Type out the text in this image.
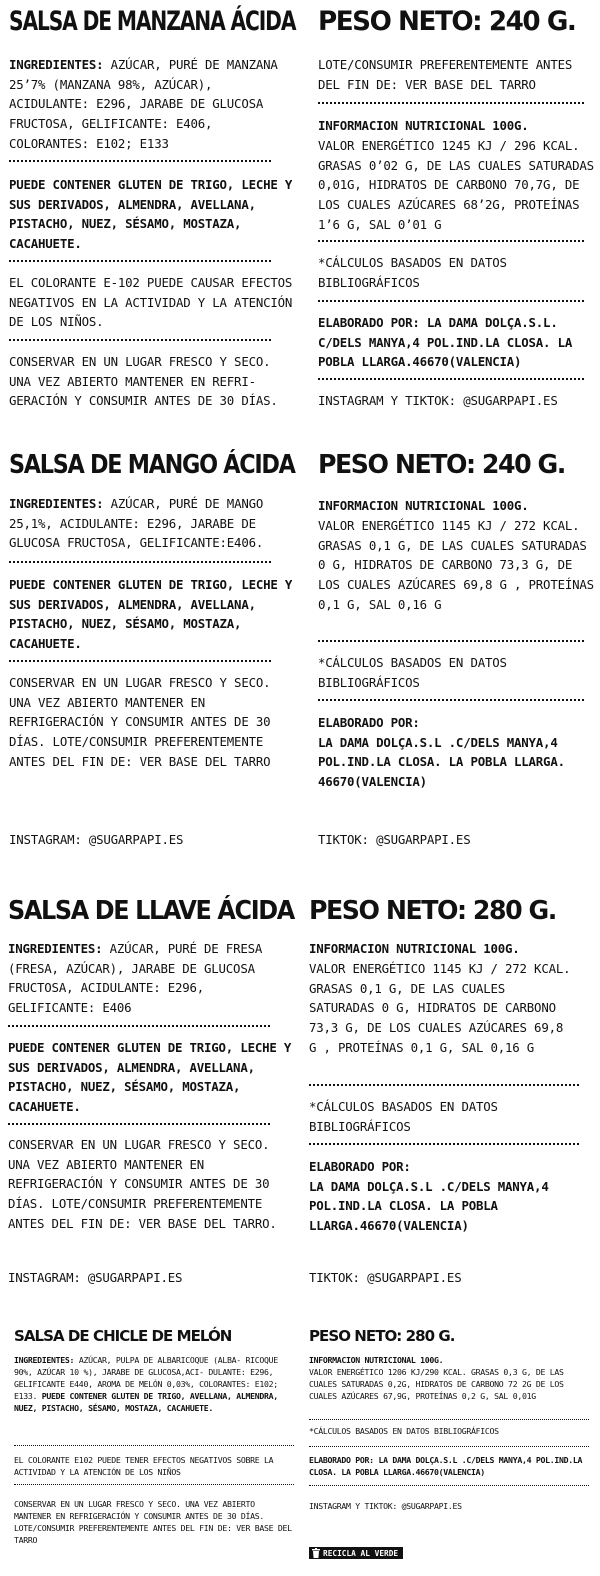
SALSA DE MANZANA ÁCIDA

INGREDIENTES: AZÚCAR, PURÉ DE MANZANA 25’7% (MANZANA 98%, AZÚCAR), ACIDULANTE: E296, JARABE DE GLUCOSA FRUCTOSA, GELIFICANTE: E406, COLORANTES: E102; E133

PUEDE CONTENER GLUTEN DE TRIGO, LECHE Y SUS DERIVADOS, ALMENDRA, AVELLANA, PISTACHO, NUEZ, SÉSAMO, MOSTAZA, CACAHUETE.

EL COLORANTE E-102 PUEDE CAUSAR EFECTOS NEGATIVOS EN LA ACTIVIDAD Y LA ATENCIÓN DE LOS NIÑOS.

CONSERVAR EN UN LUGAR FRESCO Y SECO. UNA VEZ ABIERTO MANTENER EN REFRI- GERACIÓN Y CONSUMIR ANTES DE 30 DÍAS.

PESO NETO: 240 G.

LOTE/CONSUMIR PREFERENTEMENTE ANTES DEL FIN DE: VER BASE DEL TARRO

INFORMACION NUTRICIONAL 100G.

VALOR ENERGÉTICO 1245 KJ / 296 KCAL. GRASAS 0’02 G, DE LAS CUALES SATURADAS 0,01G, HIDRATOS DE CARBONO 70,7G, DE LOS CUALES AZÚCARES 68’2G, PROTEÍNAS 1’6 G, SAL 0’01 G

*CÁLCULOS BASADOS EN DATOS BIBLIOGRÁFICOS

ELABORADO POR: LA DAMA DOLÇA.S.L. C/DELS MANYA,4 POL.IND.LA CLOSA. LA POBLA LLARGA.46670(VALENCIA)

INSTAGRAM Y TIKTOK: @SUGARPAPI.ES

SALSA DE MANGO ÁCIDA

INGREDIENTES: AZÚCAR, PURÉ DE MANGO 25,1%, ACIDULANTE: E296, JARABE DE GLUCOSA FRUCTOSA, GELIFICANTE:E406.

PUEDE CONTENER GLUTEN DE TRIGO, LECHE Y SUS DERIVADOS, ALMENDRA, AVELLANA, PISTACHO, NUEZ, SÉSAMO, MOSTAZA, CACAHUETE.

CONSERVAR EN UN LUGAR FRESCO Y SECO. UNA VEZ ABIERTO MANTENER EN REFRIGERACIÓN Y CONSUMIR ANTES DE 30 DÍAS. LOTE/CONSUMIR PREFERENTEMENTE ANTES DEL FIN DE: VER BASE DEL TARRO

INSTAGRAM: @SUGARPAPI.ES

PESO NETO: 240 G.

INFORMACION NUTRICIONAL 100G.

VALOR ENERGÉTICO 1145 KJ / 272 KCAL. GRASAS 0,1 G, DE LAS CUALES SATURADAS 0 G, HIDRATOS DE CARBONO 73,3 G, DE LOS CUALES AZÚCARES 69,8 G , PROTEÍNAS 0,1 G, SAL 0,16 G

*CÁLCULOS BASADOS EN DATOS BIBLIOGRÁFICOS

ELABORADO POR:
LA DAMA DOLÇA.S.L .C/DELS MANYA,4 POL.IND.LA CLOSA. LA POBLA LLARGA. 46670(VALENCIA)

TIKTOK: @SUGARPAPI.ES

SALSA DE LLAVE ÁCIDA

INGREDIENTES: AZÚCAR, PURÉ DE FRESA (FRESA, AZÚCAR), JARABE DE GLUCOSA FRUCTOSA, ACIDULANTE: E296, GELIFICANTE: E406

PUEDE CONTENER GLUTEN DE TRIGO, LECHE Y SUS DERIVADOS, ALMENDRA, AVELLANA, PISTACHO, NUEZ, SÉSAMO, MOSTAZA, CACAHUETE.

CONSERVAR EN UN LUGAR FRESCO Y SECO. UNA VEZ ABIERTO MANTENER EN REFRIGERACIÓN Y CONSUMIR ANTES DE 30 DÍAS. LOTE/CONSUMIR PREFERENTEMENTE ANTES DEL FIN DE: VER BASE DEL TARRO.

INSTAGRAM: @SUGARPAPI.ES

PESO NETO: 280 G.

INFORMACION NUTRICIONAL 100G.

VALOR ENERGÉTICO 1145 KJ / 272 KCAL. GRASAS 0,1 G, DE LAS CUALES SATURADAS 0 G, HIDRATOS DE CARBONO 73,3 G, DE LOS CUALES AZÚCARES 69,8 G , PROTEÍNAS 0,1 G, SAL 0,16 G

*CÁLCULOS BASADOS EN DATOS BIBLIOGRÁFICOS

ELABORADO POR:
LA DAMA DOLÇA.S.L .C/DELS MANYA,4 POL.IND.LA CLOSA. LA POBLA LLARGA.46670(VALENCIA)

TIKTOK: @SUGARPAPI.ES

SALSA DE CHICLE DE MELÓN

INGREDIENTES: AZÚCAR, PULPA DE ALBARICOQUE (ALBA- RICOQUE 90%, AZÚCAR 10 %), JARABE DE GLUCOSA,ACI- DULANTE: E296, GELIFICANTE E440, AROMA DE MELÓN 0,03%, COLORANTES: E102; E133. PUEDE CONTENER GLUTEN DE TRIGO, AVELLANA, ALMENDRA, NUEZ, PISTACHO, SÉSAMO, MOSTAZA, CACAHUETE.

EL COLORANTE E102 PUEDE TENER EFECTOS NEGATIVOS SOBRE LA ACTIVIDAD Y LA ATENCIÓN DE LOS NIÑOS

CONSERVAR EN UN LUGAR FRESCO Y SECO. UNA VEZ ABIERTO MANTENER EN REFRIGERACIÓN Y CONSUMIR ANTES DE 30 DÍAS. LOTE/CONSUMIR PREFERENTEMENTE ANTES DEL FIN DE: VER BASE DEL TARRO

PESO NETO: 280 G.

INFORMACION NUTRICIONAL 100G.

VALOR ENERGÉTICO 1206 KJ/290 KCAL. GRASAS 0,3 G, DE LAS CUALES SATURADAS 0,2G, HIDRATOS DE CARBONO 72 2G DE LOS CUALES AZÚCARES 67,9G, PROTEÍNAS 0,2 G, SAL 0,01G

*CÁLCULOS BASADOS EN DATOS BIBLIOGRÁFICOS

ELABORADO POR: LA DAMA DOLÇA.S.L .C/DELS MANYA,4 POL.IND.LA CLOSA. LA POBLA LLARGA.46670(VALENCIA)

INSTAGRAM Y TIKTOK: @SUGARPAPI.ES

RECICLA AL VERDE
